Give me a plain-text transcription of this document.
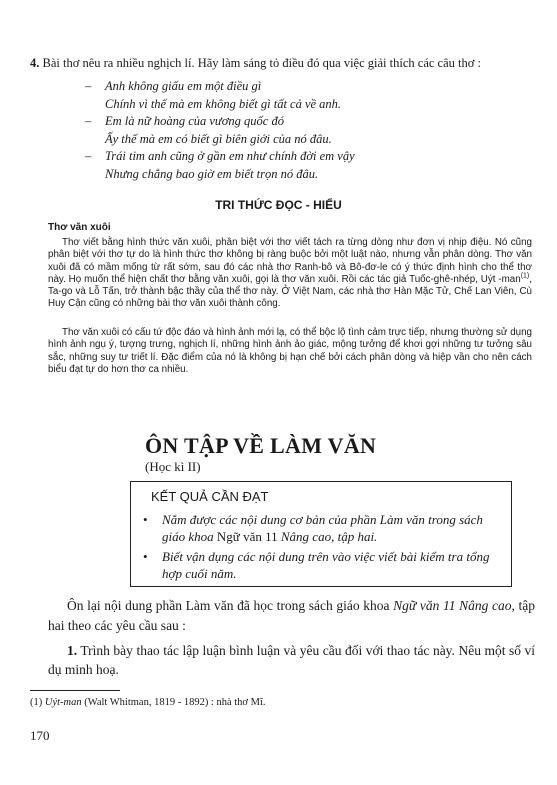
4. Bài thơ nêu ra nhiều nghịch lí. Hãy làm sáng tỏ điều đó qua việc giải thích các câu thơ :
– Anh không giấu em một điều gì
Chính vì thế mà em không biết gì tất cả về anh.
– Em là nữ hoàng của vương quốc đó
Ấy thế mà em có biết gì biên giới của nó đâu.
– Trái tim anh cũng ở gần em như chính đời em vậy
Nhưng chẳng bao giờ em biết trọn nó đâu.
TRI THỨC ĐỌC - HIỂU
Thơ văn xuôi
Thơ viết bằng hình thức văn xuôi, phân biệt với thơ viết tách ra từng dòng như đơn vị nhịp điệu. Nó cũng phân biệt với thơ tự do là hình thức thơ không bị ràng buộc bởi một luật nào, nhưng vẫn phân dòng. Thơ văn xuôi đã có mầm mống từ rất sớm, sau đó các nhà thơ Ranh-bô và Bô-đơ-le có ý thức định hình cho thể thơ này. Họ muốn thể hiện chất thơ bằng văn xuôi, gọi là thơ văn xuôi. Rồi các tác giả Tuốc-ghê-nhép, Uýt -man$^{(1)}$, Ta-go và Lỗ Tấn, trở thành bậc thầy của thể thơ này. Ở Việt Nam, các nhà thơ Hàn Mặc Tử, Chế Lan Viên, Cù Huy Cận cũng có những bài thơ văn xuôi thành công.
Thơ văn xuôi có cấu tứ độc đáo và hình ảnh mới lạ, có thể bộc lộ tình cảm trực tiếp, nhưng thường sử dụng hình ảnh ngụ ý, tượng trưng, nghịch lí, những hình ảnh ảo giác, mộng tưởng để khơi gợi những tư tưởng sâu sắc, những suy tư triết lí. Đặc điểm của nó là không bị hạn chế bởi cách phân dòng và hiệp vần cho nên cách biểu đạt tự do hơn thơ ca nhiều.
ÔN TẬP VỀ LÀM VĂN
(Học kì II)
KẾT QUẢ CẦN ĐẠT
• Nắm được các nội dung cơ bản của phần Làm văn trong sách giáo khoa Ngữ văn 11 Nâng cao, tập hai.
• Biết vận dụng các nội dung trên vào việc viết bài kiểm tra tổng hợp cuối năm.
Ôn lại nội dung phần Làm văn đã học trong sách giáo khoa Ngữ văn 11 Nâng cao, tập hai theo các yêu cầu sau :
1. Trình bày thao tác lập luận bình luận và yêu cầu đối với thao tác này. Nêu một số ví dụ minh hoạ.
(1) Uýt-man (Walt Whitman, 1819 - 1892) : nhà thơ Mĩ.
170
